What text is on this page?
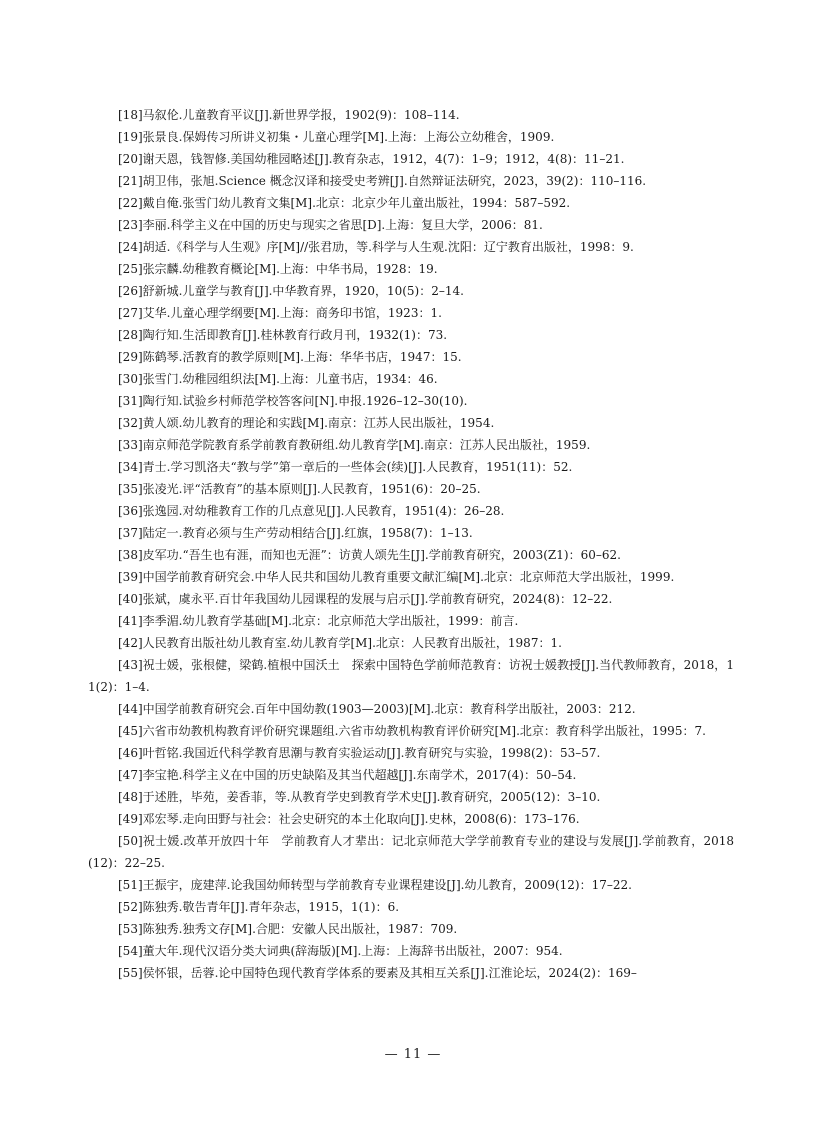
[18]马叙伦.儿童教育平议[J].新世界学报，1902(9)：108–114.
[19]张景良.保姆传习所讲义初集・儿童心理学[M].上海：上海公立幼稚舍，1909.
[20]谢天恩，钱智修.美国幼稚园略述[J].教育杂志，1912，4(7)：1–9；1912，4(8)：11–21.
[21]胡卫伟，张旭.Science 概念汉译和接受史考辨[J].自然辩证法研究，2023，39(2)：110–116.
[22]戴自俺.张雪门幼儿教育文集[M].北京：北京少年儿童出版社，1994：587–592.
[23]李丽.科学主义在中国的历史与现实之省思[D].上海：复旦大学，2006：81.
[24]胡适.《科学与人生观》序[M]//张君劢，等.科学与人生观.沈阳：辽宁教育出版社，1998：9.
[25]张宗麟.幼稚教育概论[M].上海：中华书局，1928：19.
[26]舒新城.儿童学与教育[J].中华教育界，1920，10(5)：2–14.
[27]艾华.儿童心理学纲要[M].上海：商务印书馆，1923：1.
[28]陶行知.生活即教育[J].桂林教育行政月刊，1932(1)：73.
[29]陈鹤琴.活教育的教学原则[M].上海：华华书店，1947：15.
[30]张雪门.幼稚园组织法[M].上海：儿童书店，1934：46.
[31]陶行知.试验乡村师范学校答客问[N].申报.1926–12–30(10).
[32]黄人颂.幼儿教育的理论和实践[M].南京：江苏人民出版社，1954.
[33]南京师范学院教育系学前教育教研组.幼儿教育学[M].南京：江苏人民出版社，1959.
[34]青士.学习凯洛夫“教与学”第一章后的一些体会(续)[J].人民教育，1951(11)：52.
[35]张凌光.评“活教育”的基本原则[J].人民教育，1951(6)：20–25.
[36]张逸园.对幼稚教育工作的几点意见[J].人民教育，1951(4)：26–28.
[37]陆定一.教育必须与生产劳动相结合[J].红旗，1958(7)：1–13.
[38]皮军功.“吾生也有涯，而知也无涯”：访黄人颂先生[J].学前教育研究，2003(Z1)：60–62.
[39]中国学前教育研究会.中华人民共和国幼儿教育重要文献汇编[M].北京：北京师范大学出版社，1999.
[40]张斌，虞永平.百廿年我国幼儿园课程的发展与启示[J].学前教育研究，2024(8)：12–22.
[41]李季湄.幼儿教育学基础[M].北京：北京师范大学出版社，1999：前言.
[42]人民教育出版社幼儿教育室.幼儿教育学[M].北京：人民教育出版社，1987：1.
[43]祝士媛，张根健，梁鹤.植根中国沃土　探索中国特色学前师范教育：访祝士媛教授[J].当代教师教育，2018，11(2)：1–4.
[44]中国学前教育研究会.百年中国幼教(1903—2003)[M].北京：教育科学出版社，2003：212.
[45]六省市幼教机构教育评价研究课题组.六省市幼教机构教育评价研究[M].北京：教育科学出版社，1995：7.
[46]叶哲铭.我国近代科学教育思潮与教育实验运动[J].教育研究与实验，1998(2)：53–57.
[47]李宝艳.科学主义在中国的历史缺陷及其当代超越[J].东南学术，2017(4)：50–54.
[48]于述胜，毕苑，姜香菲，等.从教育学史到教育学术史[J].教育研究，2005(12)：3–10.
[49]邓宏琴.走向田野与社会：社会史研究的本土化取向[J].史林，2008(6)：173–176.
[50]祝士媛.改革开放四十年　学前教育人才辈出：记北京师范大学学前教育专业的建设与发展[J].学前教育，2018(12)：22–25.
[51]王振宇，庞建萍.论我国幼师转型与学前教育专业课程建设[J].幼儿教育，2009(12)：17–22.
[52]陈独秀.敬告青年[J].青年杂志，1915，1(1)：6.
[53]陈独秀.独秀文存[M].合肥：安徽人民出版社，1987：709.
[54]董大年.现代汉语分类大词典(辞海版)[M].上海：上海辞书出版社，2007：954.
[55]侯怀银，岳蓉.论中国特色现代教育学体系的要素及其相互关系[J].江淮论坛，2024(2)：169–
— 11 —
